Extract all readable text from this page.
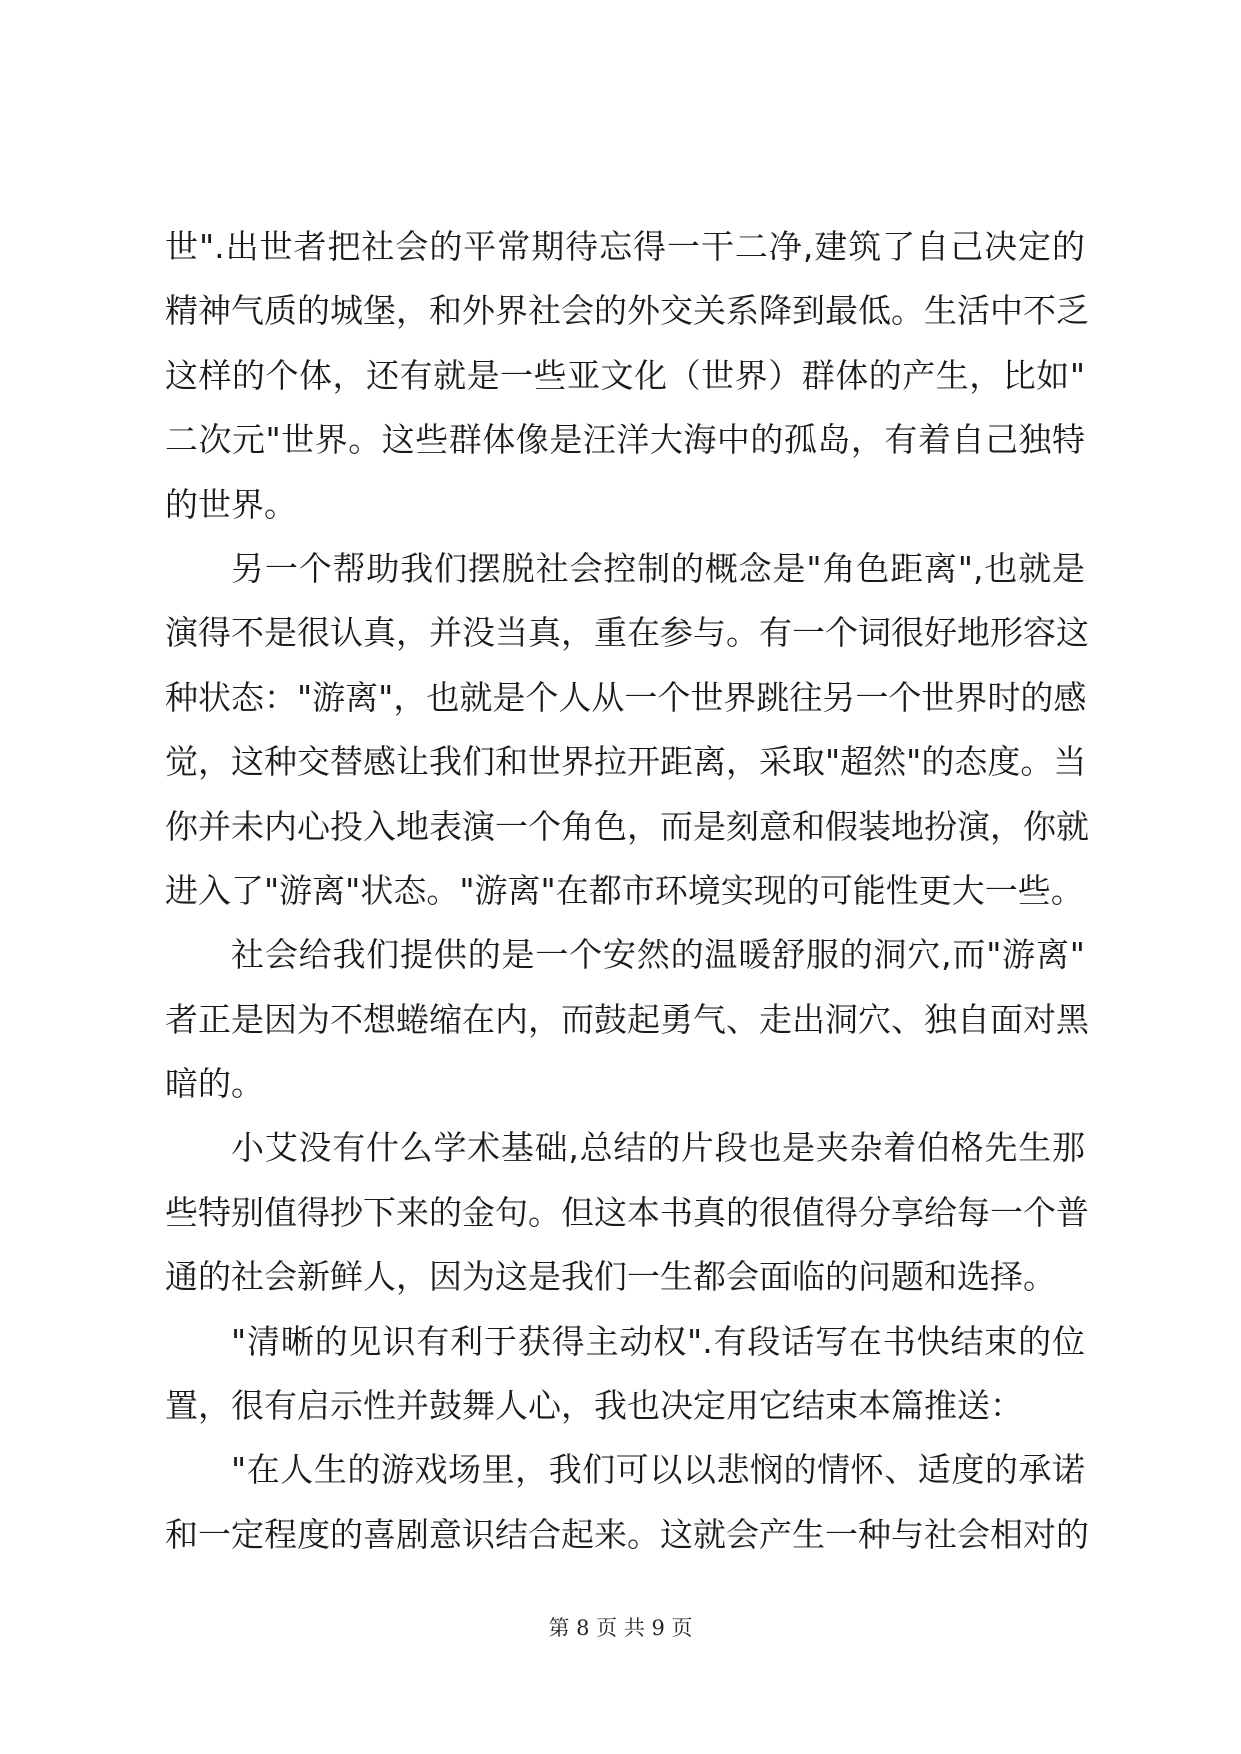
世".出世者把社会的平常期待忘得一干二净,建筑了自己决定的
精神气质的城堡，和外界社会的外交关系降到最低。生活中不乏
这样的个体，还有就是一些亚文化（世界）群体的产生，比如"
二次元"世界。这些群体像是汪洋大海中的孤岛，有着自己独特
的世界。
另一个帮助我们摆脱社会控制的概念是"角色距离",也就是
演得不是很认真，并没当真，重在参与。有一个词很好地形容这
种状态："游离"，也就是个人从一个世界跳往另一个世界时的感
觉，这种交替感让我们和世界拉开距离，采取"超然"的态度。当
你并未内心投入地表演一个角色，而是刻意和假装地扮演，你就
进入了"游离"状态。"游离"在都市环境实现的可能性更大一些。
社会给我们提供的是一个安然的温暖舒服的洞穴,而"游离"
者正是因为不想蜷缩在内，而鼓起勇气、走出洞穴、独自面对黑
暗的。
小艾没有什么学术基础,总结的片段也是夹杂着伯格先生那
些特别值得抄下来的金句。但这本书真的很值得分享给每一个普
通的社会新鲜人，因为这是我们一生都会面临的问题和选择。
"清晰的见识有利于获得主动权".有段话写在书快结束的位
置，很有启示性并鼓舞人心，我也决定用它结束本篇推送：
"在人生的游戏场里，我们可以以悲悯的情怀、适度的承诺
和一定程度的喜剧意识结合起来。这就会产生一种与社会相对的
第 8 页 共 9 页
